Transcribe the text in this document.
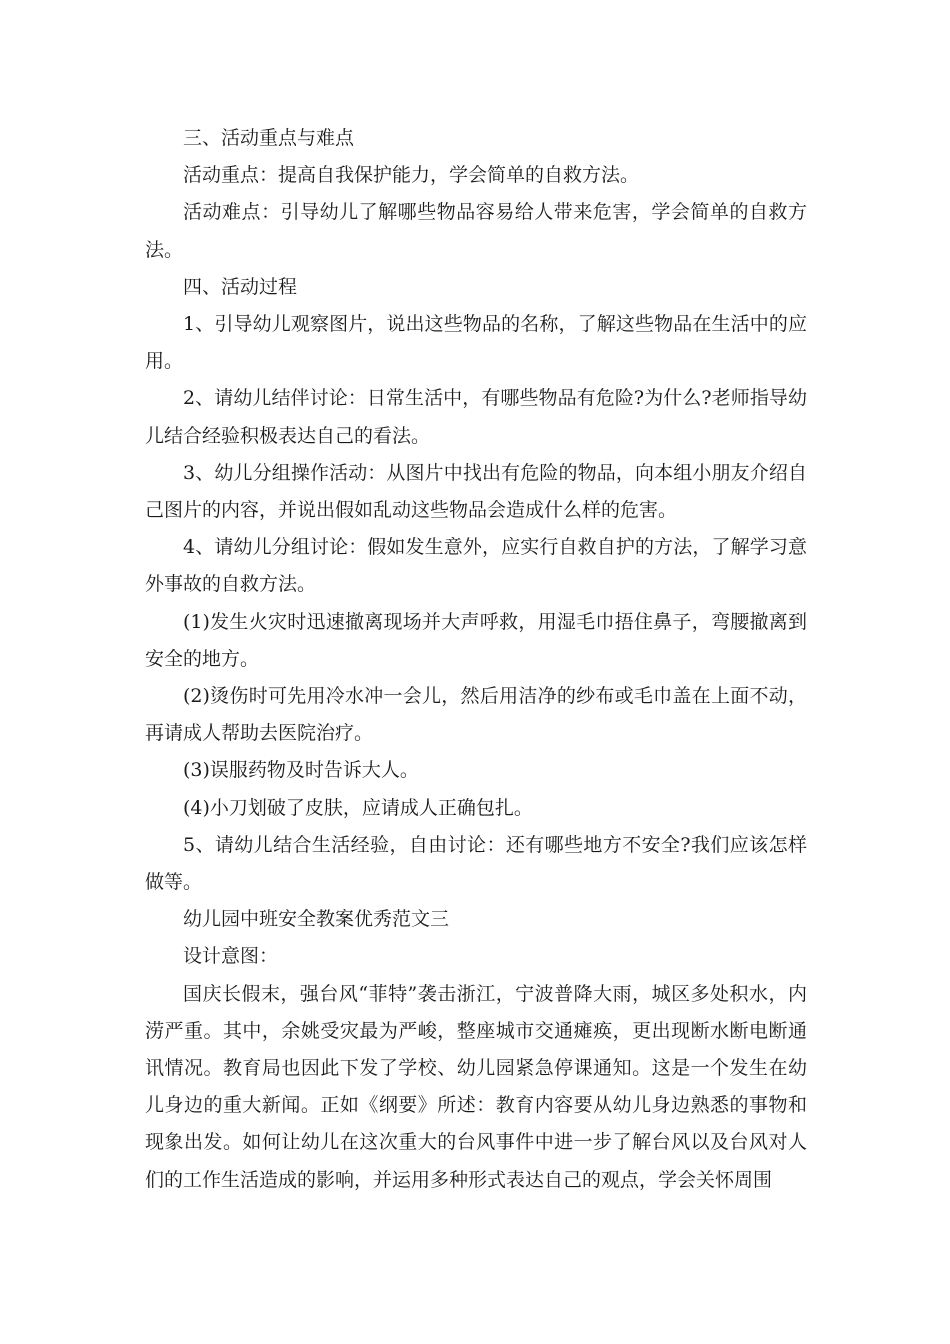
三、活动重点与难点

活动重点：提高自我保护能力，学会简单的自救方法。

活动难点：引导幼儿了解哪些物品容易给人带来危害，学会简单的自救方法。

四、活动过程

1、引导幼儿观察图片，说出这些物品的名称，了解这些物品在生活中的应用。

2、请幼儿结伴讨论：日常生活中，有哪些物品有危险?为什么?老师指导幼儿结合经验积极表达自己的看法。

3、幼儿分组操作活动：从图片中找出有危险的物品，向本组小朋友介绍自己图片的内容，并说出假如乱动这些物品会造成什么样的危害。

4、请幼儿分组讨论：假如发生意外，应实行自救自护的方法，了解学习意外事故的自救方法。

(1)发生火灾时迅速撤离现场并大声呼救，用湿毛巾捂住鼻子，弯腰撤离到安全的地方。

(2)烫伤时可先用冷水冲一会儿，然后用洁净的纱布或毛巾盖在上面不动，再请成人帮助去医院治疗。

(3)误服药物及时告诉大人。

(4)小刀划破了皮肤，应请成人正确包扎。

5、请幼儿结合生活经验，自由讨论：还有哪些地方不安全?我们应该怎样做等。

幼儿园中班安全教案优秀范文三

设计意图：

国庆长假末，强台风“菲特”袭击浙江，宁波普降大雨，城区多处积水，内涝严重。其中，余姚受灾最为严峻，整座城市交通瘫痪，更出现断水断电断通讯情况。教育局也因此下发了学校、幼儿园紧急停课通知。这是一个发生在幼儿身边的重大新闻。正如《纲要》所述：教育内容要从幼儿身边熟悉的事物和现象出发。如何让幼儿在这次重大的台风事件中进一步了解台风以及台风对人们的工作生活造成的影响，并运用多种形式表达自己的观点，学会关怀周围
